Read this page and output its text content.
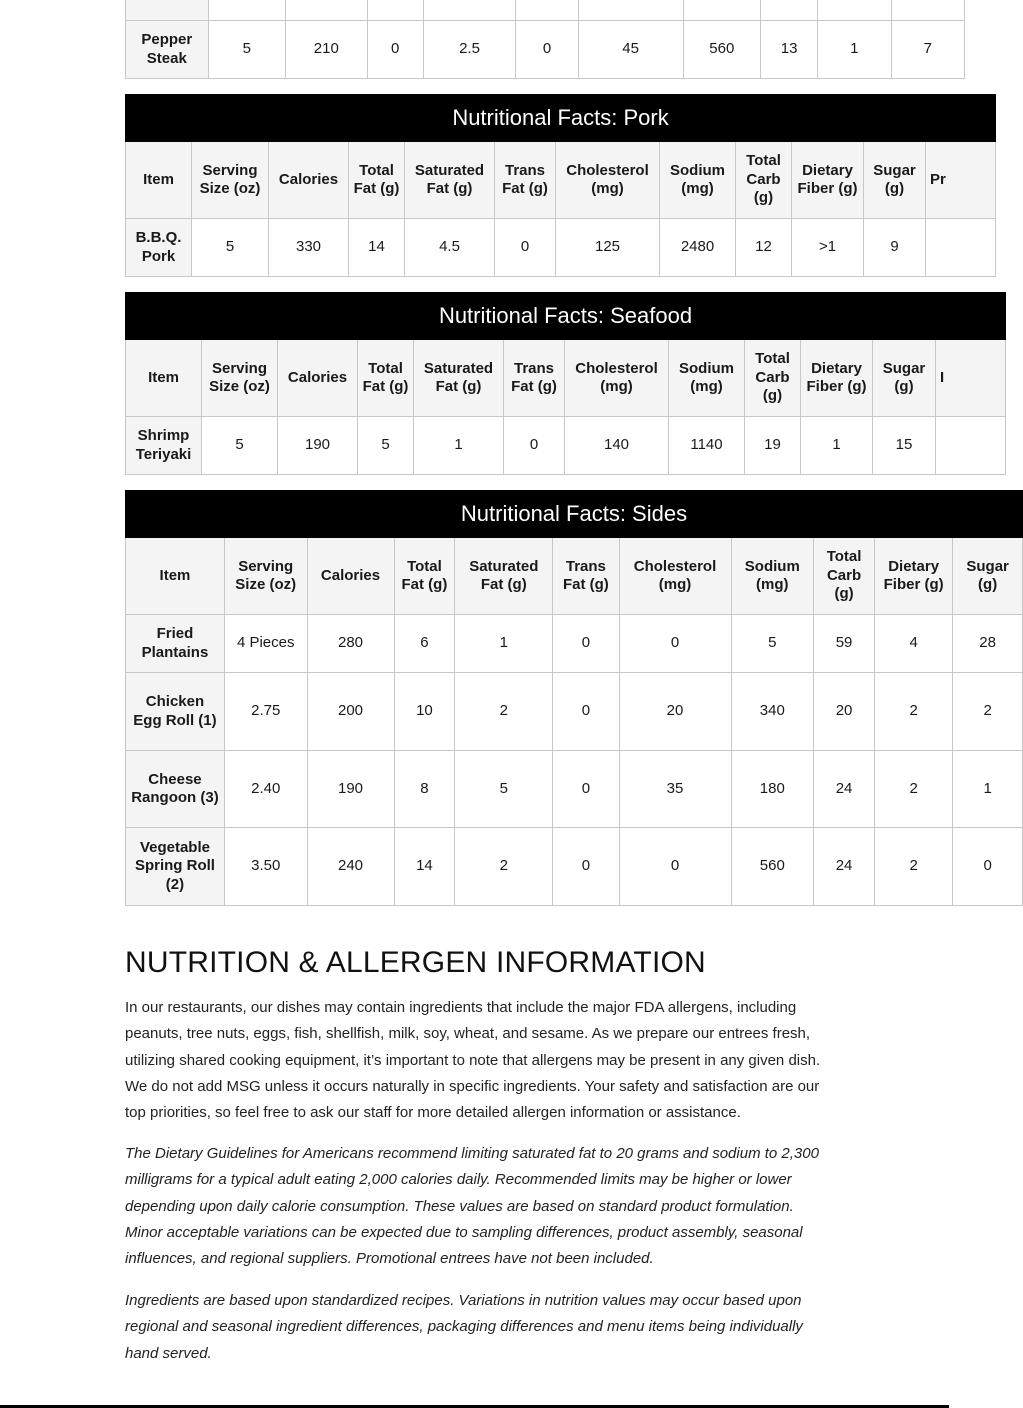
Pepper Steak	5	210	0	2.5	0	45	560	13	1	7
Nutritional Facts: Pork											
Item	Serving Size (oz)	Calories	Total Fat (g)	Saturated Fat (g)	Trans Fat (g)	Cholesterol (mg)	Sodium (mg)	Total Carb (g)	Dietary Fiber (g)	Sugar (g)	Pr
B.B.Q. Pork	5	330	14	4.5	0	125	2480	12	>1	9	
Nutritional Facts: Seafood											
Item	Serving Size (oz)	Calories	Total Fat (g)	Saturated Fat (g)	Trans Fat (g)	Cholesterol (mg)	Sodium (mg)	Total Carb (g)	Dietary Fiber (g)	Sugar (g)	I
Shrimp Teriyaki	5	190	5	1	0	140	1140	19	1	15	
Nutritional Facts: Sides										
Item	Serving Size (oz)	Calories	Total Fat (g)	Saturated Fat (g)	Trans Fat (g)	Cholesterol (mg)	Sodium (mg)	Total Carb (g)	Dietary Fiber (g)	Sugar (g)
Fried Plantains	4 Pieces	280	6	1	0	0	5	59	4	28
Chicken Egg Roll (1)	2.75	200	10	2	0	20	340	20	2	2
Cheese Rangoon (3)	2.40	190	8	5	0	35	180	24	2	1
Vegetable Spring Roll (2)	3.50	240	14	2	0	0	560	24	2	0
NUTRITION & ALLERGEN INFORMATION

In our restaurants, our dishes may contain ingredients that include the major FDA allergens, including peanuts, tree nuts, eggs, fish, shellfish, milk, soy, wheat, and sesame. As we prepare our entrees fresh, utilizing shared cooking equipment, it’s important to note that allergens may be present in any given dish. We do not add MSG unless it occurs naturally in specific ingredients. Your safety and satisfaction are our top priorities, so feel free to ask our staff for more detailed allergen information or assistance.

The Dietary Guidelines for Americans recommend limiting saturated fat to 20 grams and sodium to 2,300 milligrams for a typical adult eating 2,000 calories daily. Recommended limits may be higher or lower depending upon daily calorie consumption. These values are based on standard product formulation. Minor acceptable variations can be expected due to sampling differences, product assembly, seasonal influences, and regional suppliers. Promotional entrees have not been included.

Ingredients are based upon standardized recipes. Variations in nutrition values may occur based upon regional and seasonal ingredient differences, packaging differences and menu items being individually hand served.
